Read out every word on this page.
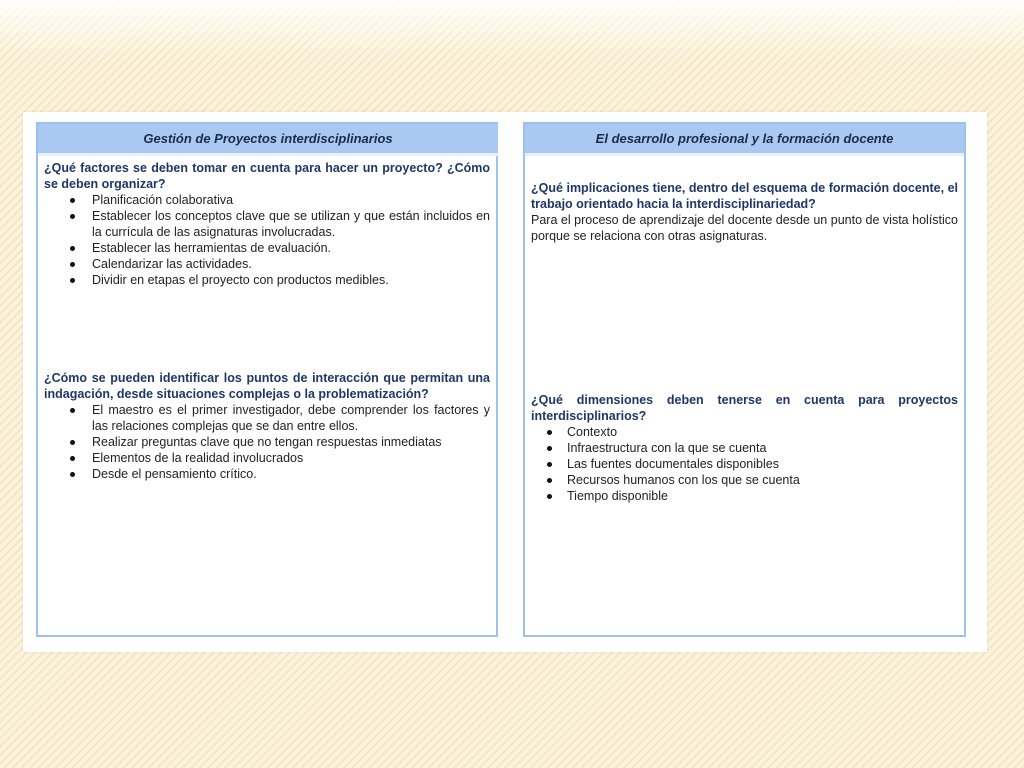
Gestión de Proyectos interdisciplinarios

¿Qué factores se deben tomar en cuenta para hacer un proyecto? ¿Cómo se deben organizar?

Planificación colaborativa
Establecer los conceptos clave que se utilizan y que están incluidos en la currícula de las asignaturas involucradas.
Establecer las herramientas de evaluación.
Calendarizar las actividades.
Dividir en etapas el proyecto con productos medibles.

¿Cómo se pueden identificar los puntos de interacción que permitan una indagación, desde situaciones complejas o la problematización?

El maestro es el primer investigador, debe comprender los factores y las relaciones complejas que se dan entre ellos.
Realizar preguntas clave que no tengan respuestas inmediatas
Elementos de la realidad involucrados
Desde el pensamiento crítico.
El desarrollo profesional y la formación docente

¿Qué implicaciones tiene, dentro del esquema de formación docente, el trabajo orientado hacia la interdisciplinariedad?

Para el proceso de aprendizaje del docente desde un punto de vista holístico porque se relaciona con otras asignaturas.

¿Qué dimensiones deben tenerse en cuenta para proyectos interdisciplinarios?

Contexto
Infraestructura con la que se cuenta
Las fuentes documentales disponibles
Recursos humanos con los que se cuenta
Tiempo disponible
